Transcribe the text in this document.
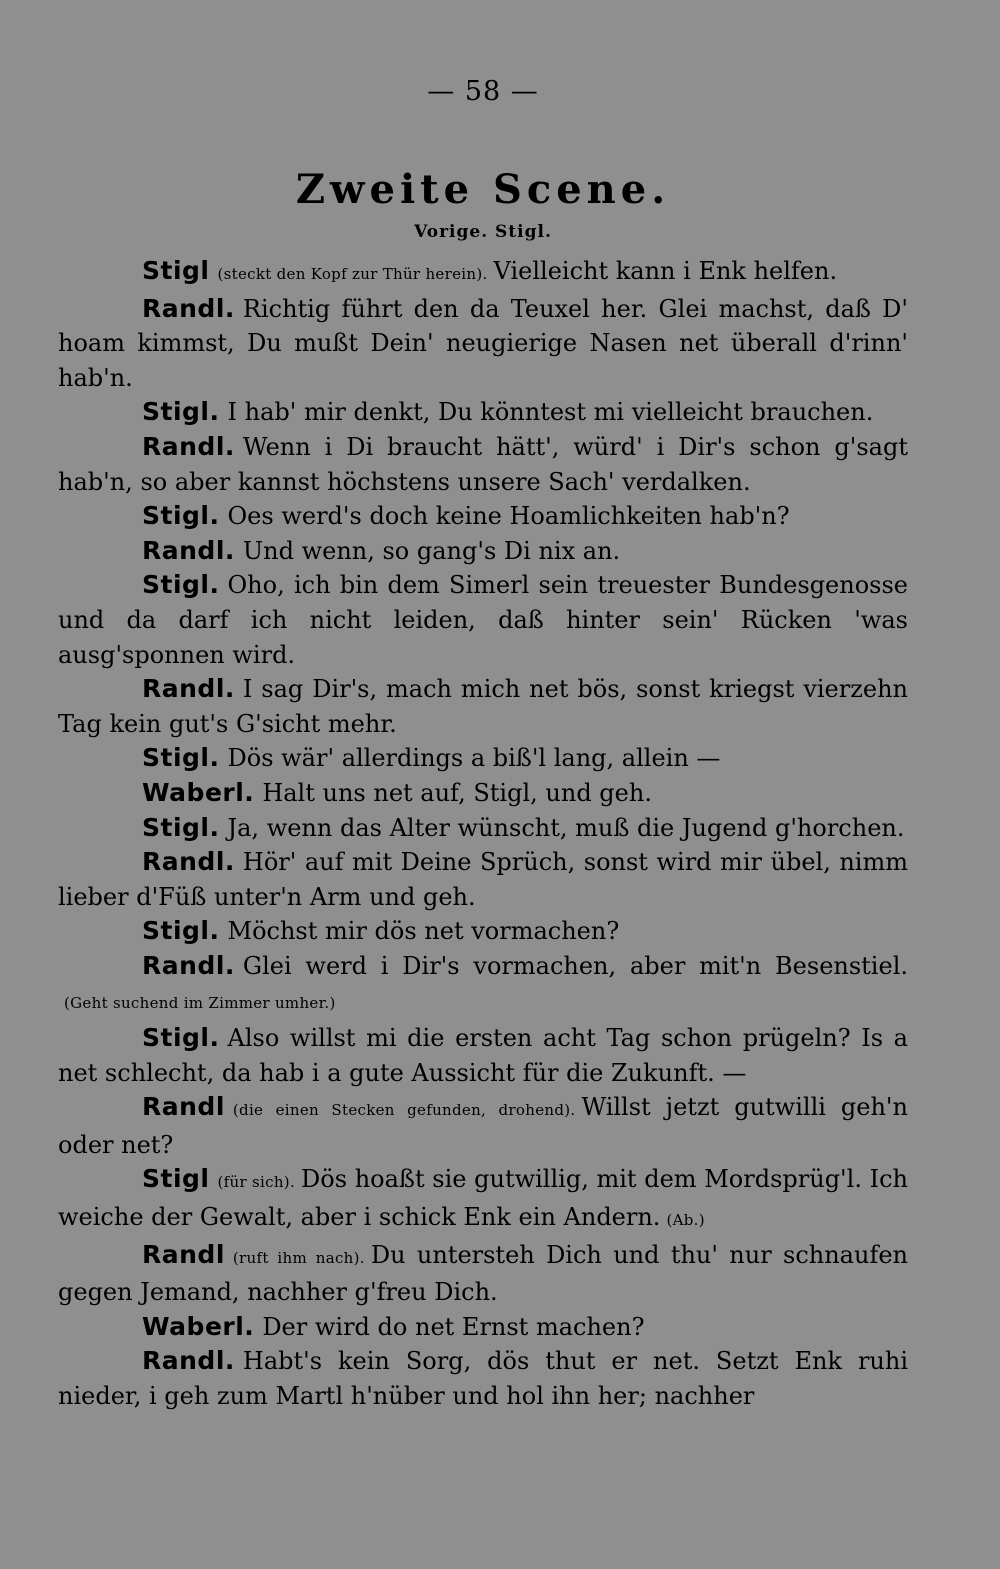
— 58 —
Zweite Scene.
Vorige. Stigl.

Stigl (steckt den Kopf zur Thür herein). Vielleicht kann i Enk helfen.

Randl. Richtig führt den da Teuxel her. Glei machst, daß D' hoam kimmst, Du mußt Dein' neugierige Nasen net überall d'rinn' hab'n.

Stigl. I hab' mir denkt, Du könntest mi vielleicht brauchen.

Randl. Wenn i Di braucht hätt', würd' i Dir's schon g'sagt hab'n, so aber kannst höchstens unsere Sach' verdalken.

Stigl. Oes werd's doch keine Hoamlichkeiten hab'n?

Randl. Und wenn, so gang's Di nix an.

Stigl. Oho, ich bin dem Simerl sein treuester Bundesgenosse und da darf ich nicht leiden, daß hinter sein' Rücken 'was ausg'sponnen wird.

Randl. I sag Dir's, mach mich net bös, sonst kriegst vierzehn Tag kein gut's G'sicht mehr.

Stigl. Dös wär' allerdings a biß'l lang, allein —

Waberl. Halt uns net auf, Stigl, und geh.

Stigl. Ja, wenn das Alter wünscht, muß die Jugend g'horchen.

Randl. Hör' auf mit Deine Sprüch, sonst wird mir übel, nimm lieber d'Füß unter'n Arm und geh.

Stigl. Möchst mir dös net vormachen?

Randl. Glei werd i Dir's vormachen, aber mit'n Besenstiel.(Geht suchend im Zimmer umher.)

Stigl. Also willst mi die ersten acht Tag schon prügeln? Is a net schlecht, da hab i a gute Aussicht für die Zukunft. —

Randl (die einen Stecken gefunden, drohend). Willst jetzt gutwilli geh'n oder net?

Stigl (für sich). Dös hoaßt sie gutwillig, mit dem Mordsprüg'l. Ich weiche der Gewalt, aber i schick Enk ein Andern. (Ab.)

Randl (ruft ihm nach). Du untersteh Dich und thu' nur schnaufen gegen Jemand, nachher g'freu Dich.

Waberl. Der wird do net Ernst machen?

Randl. Habt's kein Sorg, dös thut er net. Setzt Enk ruhi nieder, i geh zum Martl h'nüber und hol ihn her; nachher
